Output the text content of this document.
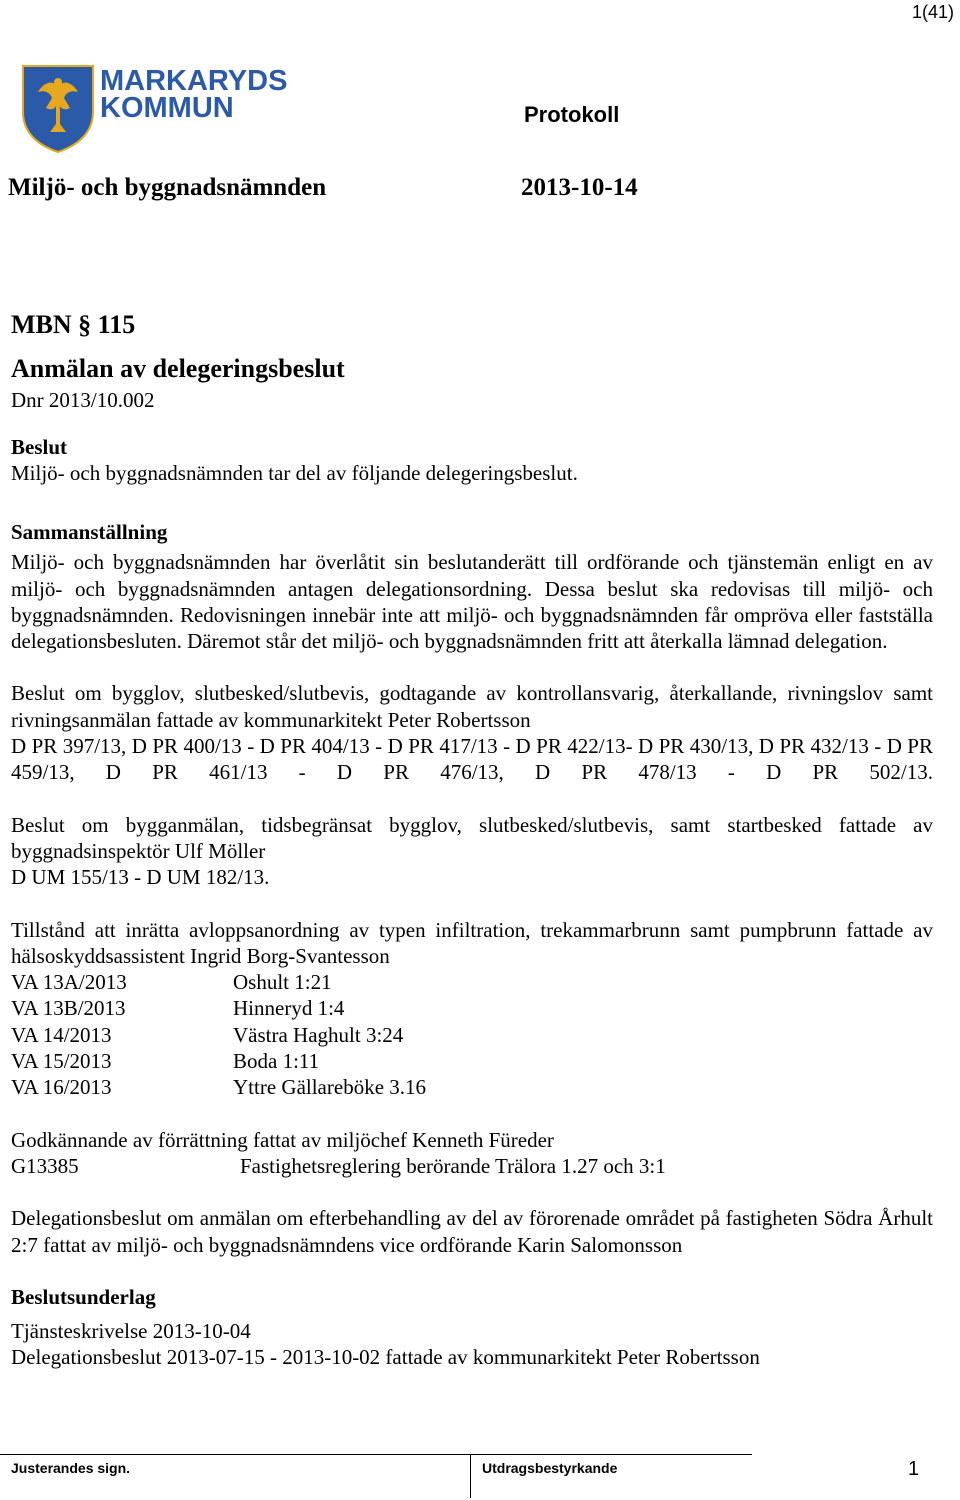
1(41)
MARKARYDS
KOMMUN	Protokoll
Miljö- och byggnadsnämnden	2013-10-14
MBN § 115
Anmälan av delegeringsbeslut
Dnr 2013/10.002
Beslut

Miljö- och byggnadsnämnden tar del av följande delegeringsbeslut.

Sammanställning

Miljö- och byggnadsnämnden har överlåtit sin beslutanderätt till ordförande och tjänstemän enligt en av miljö- och byggnadsnämnden antagen delegationsordning. Dessa beslut ska redovisas till miljö- och byggnadsnämnden. Redovisningen innebär inte att miljö- och byggnadsnämnden får ompröva eller fastställa delegationsbesluten. Däremot står det miljö- och byggnadsnämnden fritt att återkalla lämnad delegation.

Beslut om bygglov, slutbesked/slutbevis, godtagande av kontrollansvarig, återkallande, rivningslov samt rivningsanmälan fattade av kommunarkitekt Peter Robertsson

D PR 397/13, D PR 400/13 - D PR 404/13 - D PR 417/13 - D PR 422/13- D PR 430/13, D PR 432/13 - D PR 459/13, D PR 461/13 - D PR 476/13, D PR 478/13 - D PR 502/13.

Beslut om bygganmälan, tidsbegränsat bygglov, slutbesked/slutbevis, samt startbesked fattade av byggnadsinspektör Ulf Möller

D UM 155/13 - D UM 182/13.

Tillstånd att inrätta avloppsanordning av typen infiltration, trekammarbrunn samt pumpbrunn fattade av hälsoskyddsassistent Ingrid Borg-Svantesson

VA 13A/2013	Oshult 1:21
VA 13B/2013	Hinneryd 1:4
VA 14/2013	Västra Haghult 3:24
VA 15/2013	Boda 1:11
VA 16/2013	Yttre Gällareböke 3.16

Godkännande av förrättning fattat av miljöchef Kenneth Füreder

G13385	Fastighetsreglering berörande Trälora 1.27 och 3:1

Delegationsbeslut om anmälan om efterbehandling av del av förorenade området på fastigheten Södra Århult 2:7 fattat av miljö- och byggnadsnämndens vice ordförande Karin Salomonsson

Beslutsunderlag

Tjänsteskrivelse 2013-10-04

Delegationsbeslut 2013-07-15 - 2013-10-02 fattade av kommunarkitekt Peter Robertsson

Justerandes sign.	Utdragsbestyrkande	1
